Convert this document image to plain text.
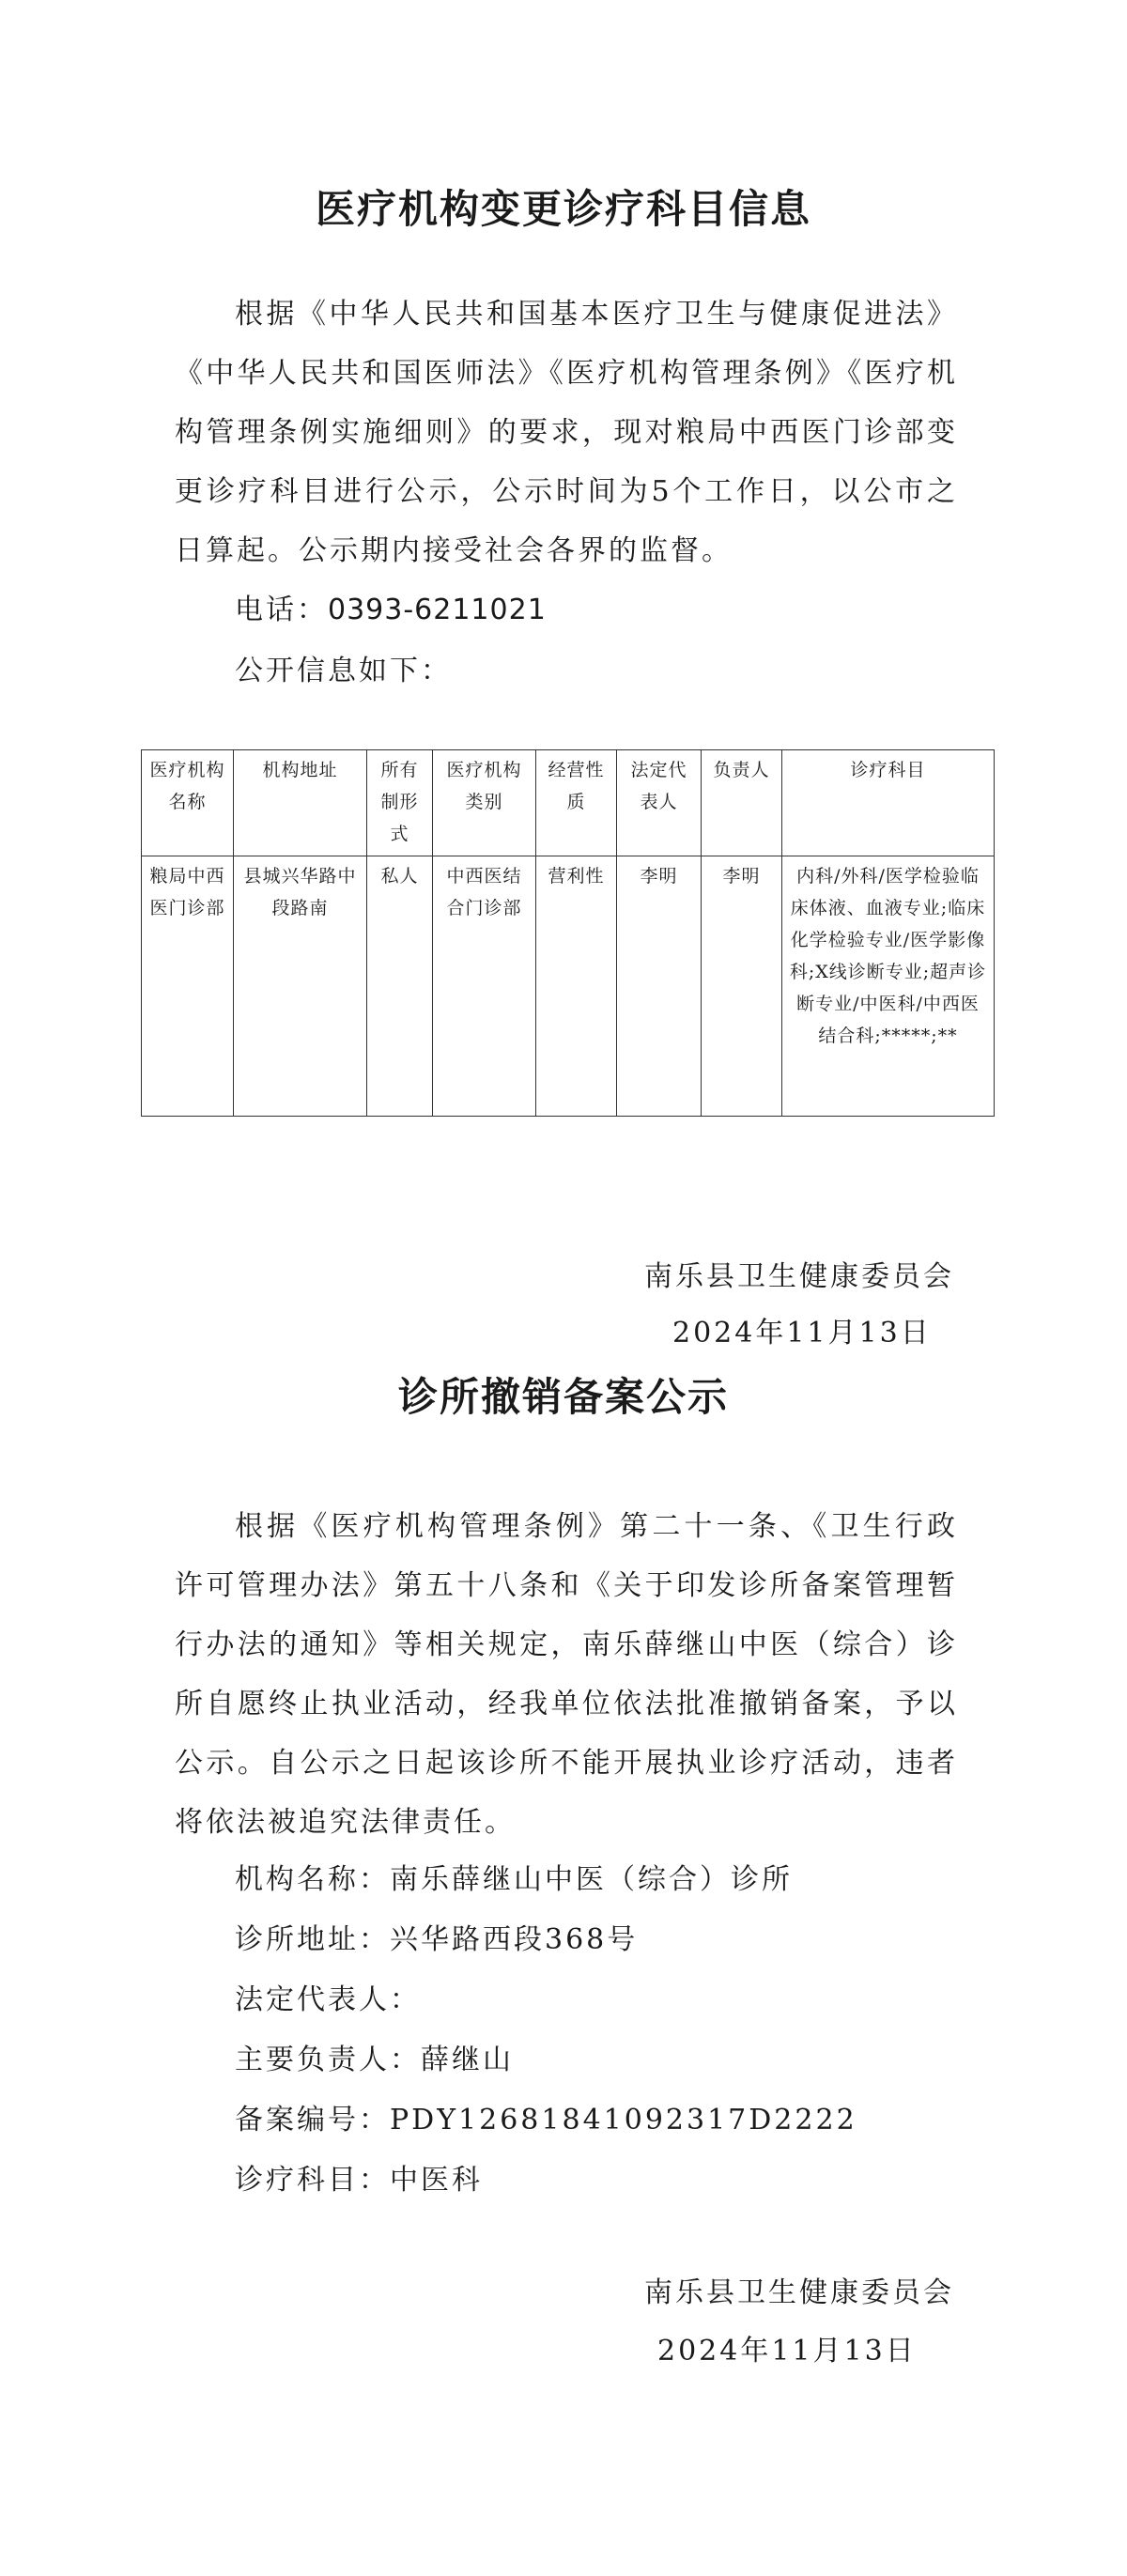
医疗机构变更诊疗科目信息

根据《中华人民共和国基本医疗卫生与健康促进法》《中华人民共和国医师法》《医疗机构管理条例》《医疗机构管理条例实施细则》的要求，现对粮局中西医门诊部变更诊疗科目进行公示，公示时间为5个工作日，以公市之日算起。公示期内接受社会各界的监督。

电话：0393-6211021
公开信息如下：
医疗机构名称	机构地址	所有制形式	医疗机构类别	经营性质	法定代表人	负责人	诊疗科目
粮局中西医门诊部	县城兴华路中段路南	私人	中西医结合门诊部	营利性	李明	李明	内科/外科/医学检验临床体液、血液专业;临床化学检验专业/医学影像科;X线诊断专业;超声诊断专业/中医科/中西医结合科;*****;**
南乐县卫生健康委员会
2024年11月13日
诊所撤销备案公示

根据《医疗机构管理条例》第二十一条、《卫生行政许可管理办法》第五十八条和《关于印发诊所备案管理暂行办法的通知》等相关规定，南乐薛继山中医（综合）诊所自愿终止执业活动，经我单位依法批准撤销备案，予以公示。自公示之日起该诊所不能开展执业诊疗活动，违者将依法被追究法律责任。

机构名称：南乐薛继山中医（综合）诊所
诊所地址：兴华路西段368号
法定代表人：
主要负责人：薛继山
备案编号：PDY12681841092317D2222
诊疗科目：中医科
南乐县卫生健康委员会
2024年11月13日
